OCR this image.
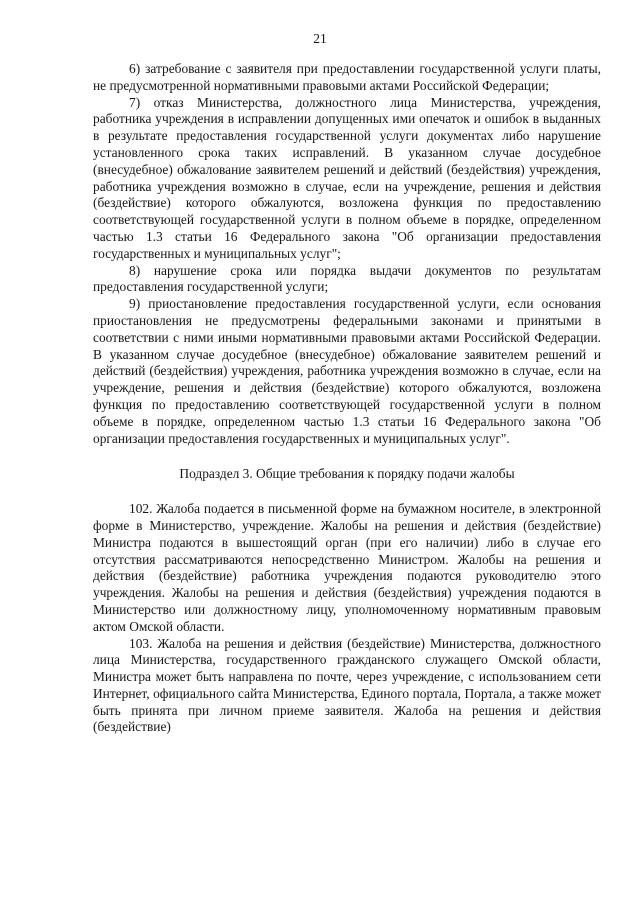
21

6) затребование с заявителя при предоставлении государственной услуги платы, не предусмотренной нормативными правовыми актами Российской Федерации;

7) отказ Министерства, должностного лица Министерства, учреждения, работника учреждения в исправлении допущенных ими опечаток и ошибок в выданных в результате предоставления государственной услуги документах либо нарушение установленного срока таких исправлений. В указанном случае досудебное (внесудебное) обжалование заявителем решений и действий (бездействия) учреждения, работника учреждения возможно в случае, если на учреждение, решения и действия (бездействие) которого обжалуются, возложена функция по предоставлению соответствующей государственной услуги в полном объеме в порядке, определенном частью 1.3 статьи 16 Федерального закона "Об организации предоставления государственных и муниципальных услуг";

8) нарушение срока или порядка выдачи документов по результатам предоставления государственной услуги;

9) приостановление предоставления государственной услуги, если основания приостановления не предусмотрены федеральными законами и принятыми в соответствии с ними иными нормативными правовыми актами Российской Федерации. В указанном случае досудебное (внесудебное) обжалование заявителем решений и действий (бездействия) учреждения, работника учреждения возможно в случае, если на учреждение, решения и действия (бездействие) которого обжалуются, возложена функция по предоставлению соответствующей государственной услуги в полном объеме в порядке, определенном частью 1.3 статьи 16 Федерального закона "Об организации предоставления государственных и муниципальных услуг".

Подраздел 3. Общие требования к порядку подачи жалобы

102. Жалоба подается в письменной форме на бумажном носителе, в электронной форме в Министерство, учреждение. Жалобы на решения и действия (бездействие) Министра подаются в вышестоящий орган (при его наличии) либо в случае его отсутствия рассматриваются непосредственно Министром. Жалобы на решения и действия (бездействие) работника учреждения подаются руководителю этого учреждения. Жалобы на решения и действия (бездействия) учреждения подаются в Министерство или должностному лицу, уполномоченному нормативным правовым актом Омской области.

103. Жалоба на решения и действия (бездействие) Министерства, должностного лица Министерства, государственного гражданского служащего Омской области, Министра может быть направлена по почте, через учреждение, с использованием сети Интернет, официального сайта Министерства, Единого портала, Портала, а также может быть принята при личном приеме заявителя. Жалоба на решения и действия (бездействие)
